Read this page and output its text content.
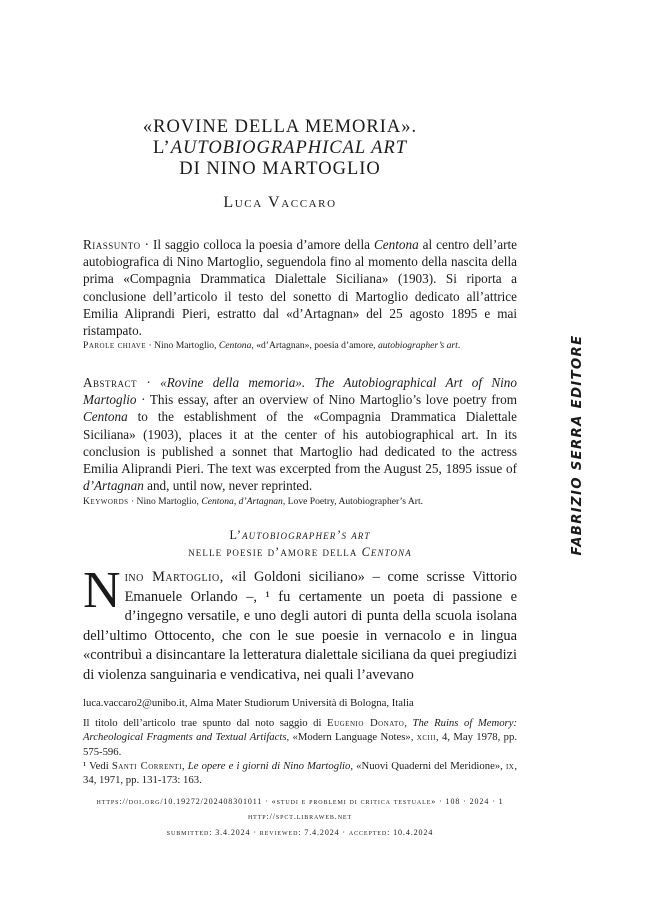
«ROVINE DELLA MEMORIA».
L’AUTOBIOGRAPHICAL ART
DI NINO MARTOGLIO
Luca Vaccaro
Riassunto · Il saggio colloca la poesia d’amore della Centona al centro dell’arte autobiografica di Nino Martoglio, seguendola fino al momento della nascita della prima «Compagnia Drammatica Dialettale Siciliana» (1903). Si riporta a conclusione dell’articolo il testo del sonetto di Martoglio dedicato all’attrice Emilia Aliprandi Pieri, estratto dal «d’Artagnan» del 25 agosto 1895 e mai ristampato.
Parole chiave · Nino Martoglio, Centona, «d’Artagnan», poesia d’amore, autobiographer’s art.
Abstract · «Rovine della memoria». The Autobiographical Art of Nino Martoglio · This essay, after an overview of Nino Martoglio’s love poetry from Centona to the establishment of the «Compagnia Drammatica Dialettale Siciliana» (1903), places it at the center of his autobiographical art. In its conclusion is published a sonnet that Martoglio had dedicated to the actress Emilia Aliprandi Pieri. The text was excerpted from the August 25, 1895 issue of d’Artagnan and, until now, never reprinted.
Keywords · Nino Martoglio, Centona, d’Artagnan, Love Poetry, Autobiographer’s Art.
L’autobiographer’s art
nelle poesie d’amore della Centona
Nino Martoglio, «il Goldoni siciliano» – come scrisse Vittorio Emanuele Orlando –, ¹ fu certamente un poeta di passione e d’ingegno versatile, e uno degli autori di punta della scuola isolana dell’ultimo Ottocento, che con le sue poesie in vernacolo e in lingua «contribuì a disincantare la letteratura dialettale siciliana da quei pregiudizi di violenza sanguinaria e vendicativa, nei quali l’avevano
luca.vaccaro2@unibo.it, Alma Mater Studiorum Università di Bologna, Italia
Il titolo dell’articolo trae spunto dal noto saggio di Eugenio Donato, The Ruins of Memory: Archeological Fragments and Textual Artifacts, «Modern Language Notes», xciii, 4, May 1978, pp. 575-596.
¹ Vedi Santi Correnti, Le opere e i giorni di Nino Martoglio, «Nuovi Quaderni del Meridione», ix, 34, 1971, pp. 131-173: 163.
https://doi.org/10.19272/202408301011 · «studi e problemi di critica testuale» · 108 · 2024 · 1
http://spct.libraweb.net
submitted: 3.4.2024 · reviewed: 7.4.2024 · accepted: 10.4.2024
FABRIZIO SERRA EDITORE
